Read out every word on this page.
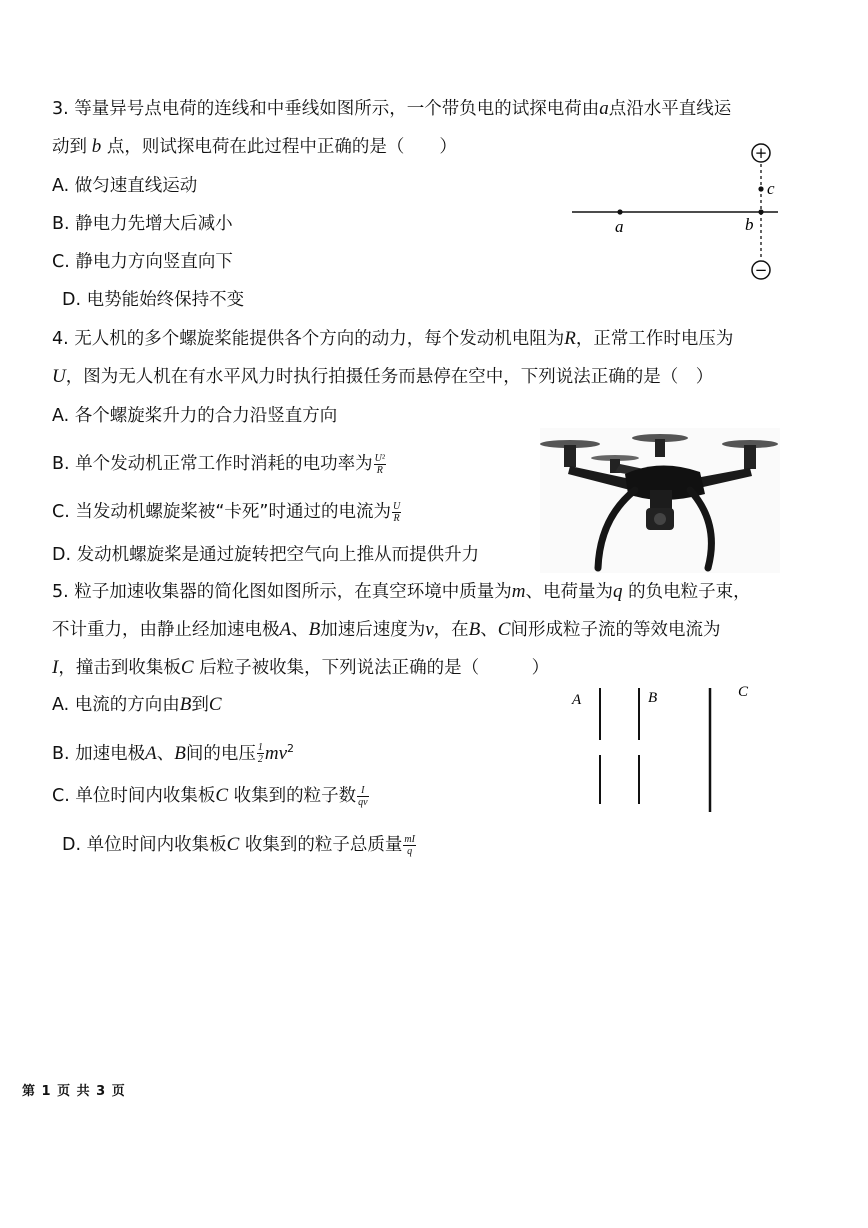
3. 等量异号点电荷的连线和中垂线如图所示，一个带负电的试探电荷由a点沿水平直线运
动到 b 点，则试探电荷在此过程中正确的是（　　）
A. 做匀速直线运动
B. 静电力先增大后减小
C. 静电力方向竖直向下
D. 电势能始终保持不变
+
−
a	b
c
4. 无人机的多个螺旋桨能提供各个方向的动力，每个发动机电阻为R，正常工作时电压为
U，图为无人机在有水平风力时执行拍摄任务而悬停在空中，下列说法正确的是（　）
A. 各个螺旋桨升力的合力沿竖直方向
B. 单个发动机正常工作时消耗的电功率为 $\frac{\text{U²}}{R}$
C. 当发动机螺旋桨被“卡死”时通过的电流为 $\frac{U}{R}$
D. 发动机螺旋桨是通过旋转把空气向上推从而提供升力
5. 粒子加速收集器的简化图如图所示，在真空环境中质量为m、电荷量为q 的负电粒子束，
不计重力，由静止经加速电极A、B加速后速度为v，在B、C间形成粒子流的等效电流为
I，撞击到收集板C 后粒子被收集，下列说法正确的是（　　　）
A. 电流的方向由B到C
B. 加速电极A、B间的电压 $\frac{1}{2} mv^2$
C. 单位时间内收集板C 收集到的粒子数 $\frac{I}{qv}$
D. 单位时间内收集板C 收集到的粒子总质量 $\frac{mI}{q}$
A	B	C
第 1 页 共 3 页
